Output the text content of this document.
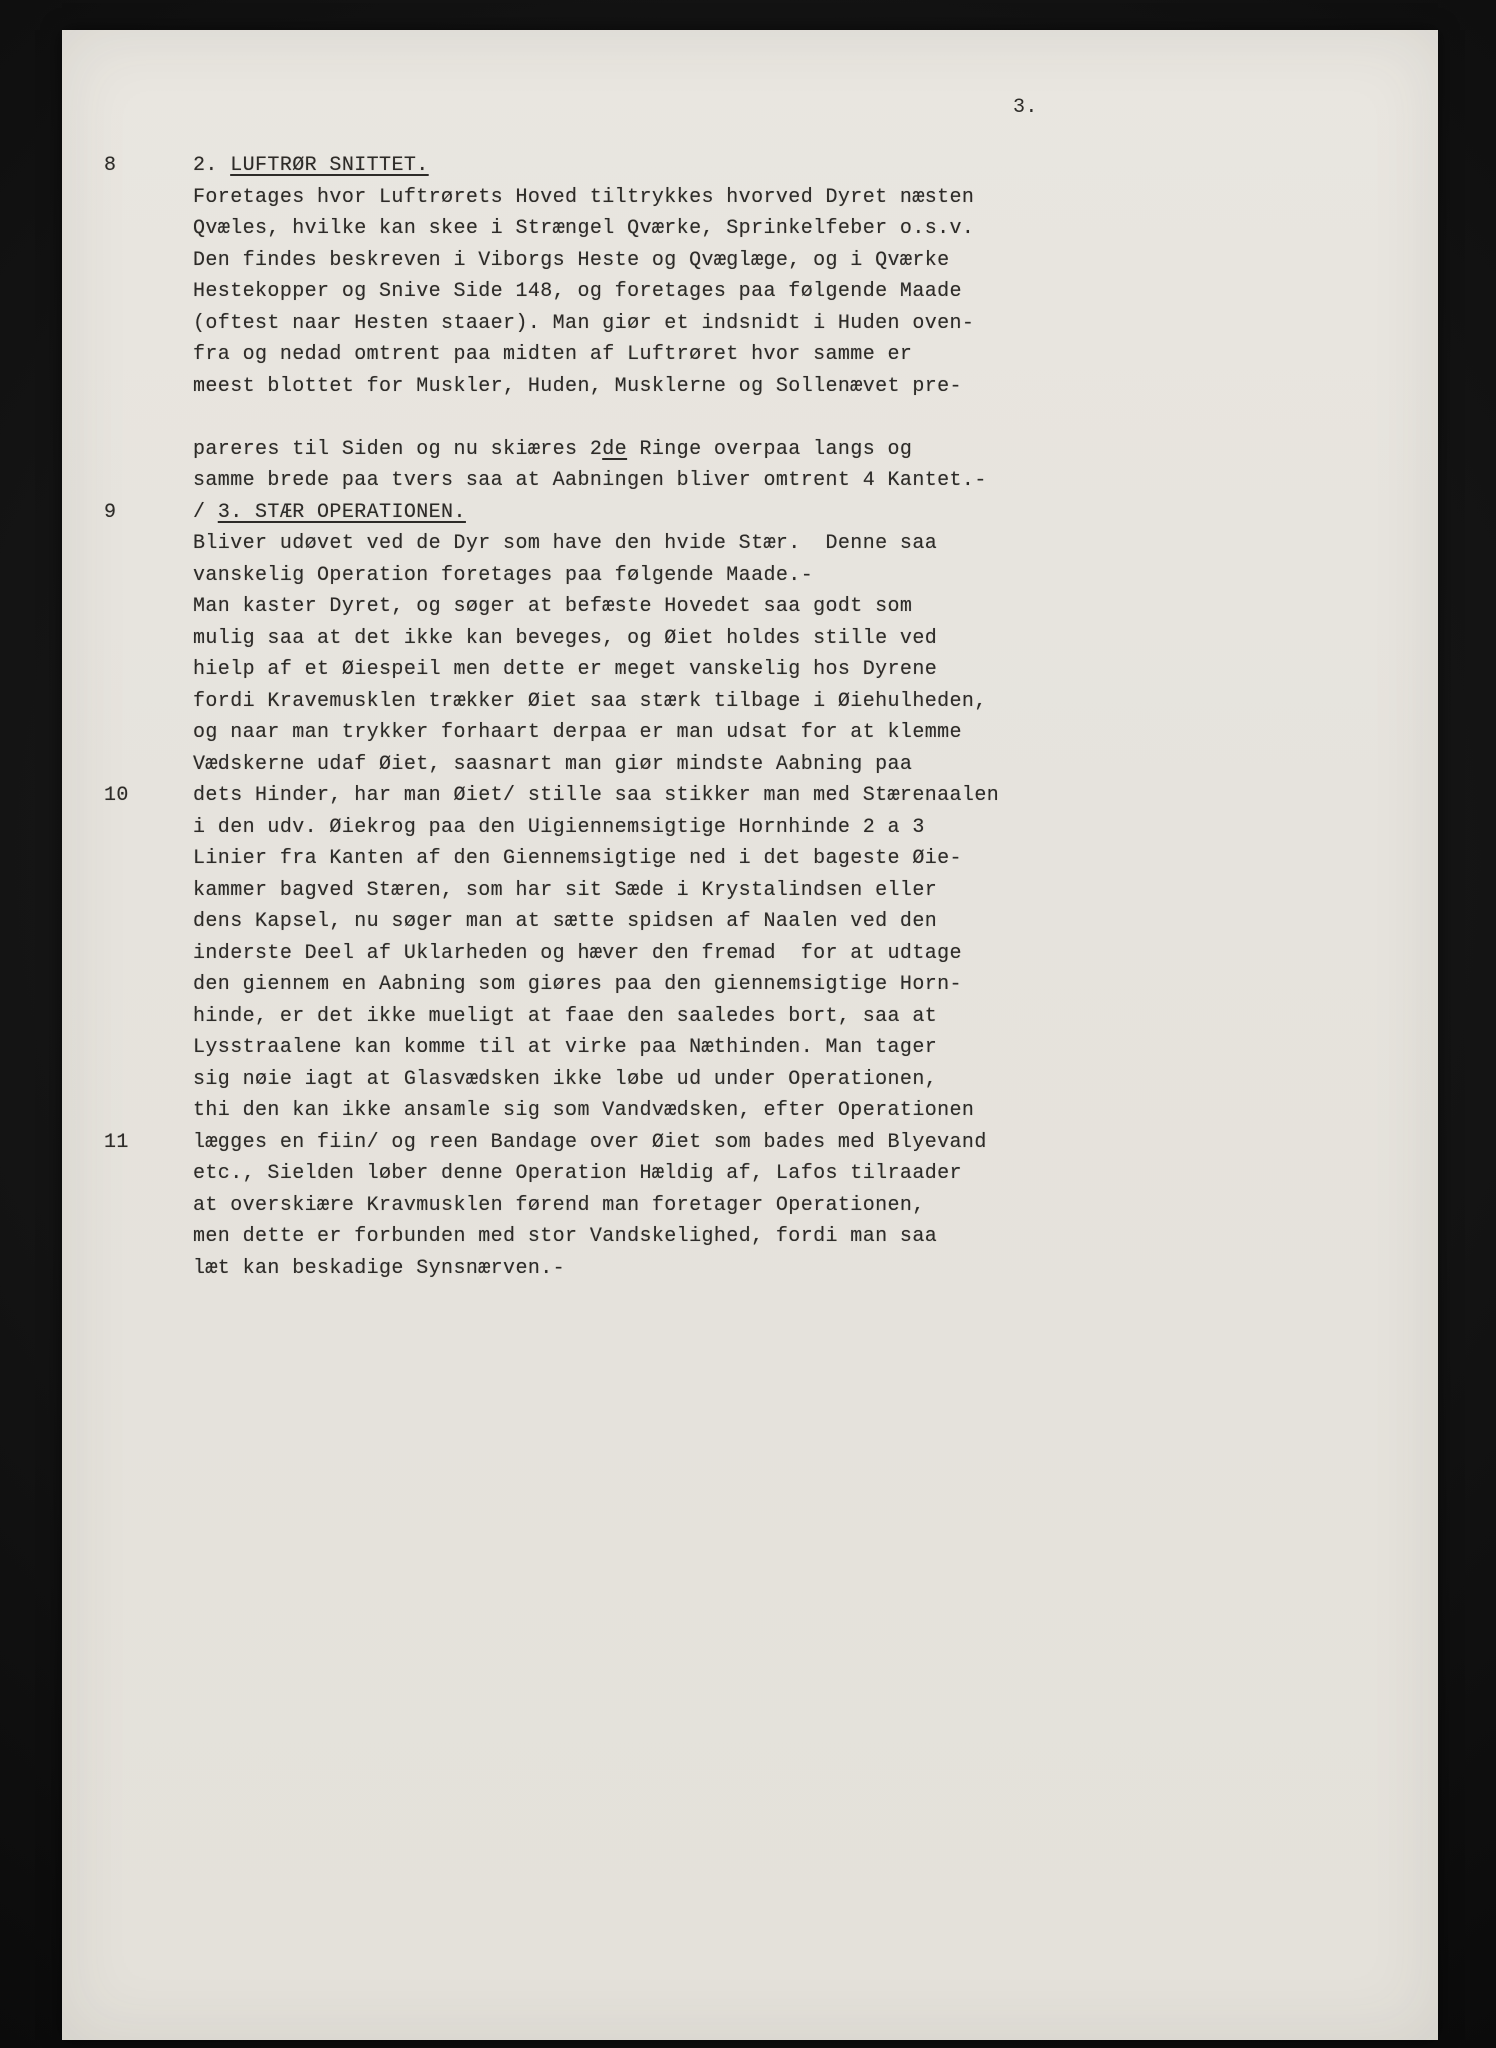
3.
8	2. LUFTRØR SNITTET.
Foretages hvor Luftrørets Hoved tiltrykkes hvorved Dyret næsten
Qvæles, hvilke kan skee i Strængel Qværke, Sprinkelfeber o.s.v.
Den findes beskreven i Viborgs Heste og Qvæglæge, og i Qværke
Hestekopper og Snive Side 148, og foretages paa følgende Maade
(oftest naar Hesten staaer). Man giør et indsnidt i Huden oven-
fra og nedad omtrent paa midten af Luftrøret hvor samme er
meest blottet for Muskler, Huden, Musklerne og Sollenævet pre-
pareres til Siden og nu skiæres 2de Ringe overpaa langs og
samme brede paa tvers saa at Aabningen bliver omtrent 4 Kantet.-
9	/ 3. STÆR OPERATIONEN.
Bliver udøvet ved de Dyr som have den hvide Stær.  Denne saa
vanskelig Operation foretages paa følgende Maade.-
Man kaster Dyret, og søger at befæste Hovedet saa godt som
mulig saa at det ikke kan beveges, og Øiet holdes stille ved
hielp af et Øiespeil men dette er meget vanskelig hos Dyrene
fordi Kravemusklen trækker Øiet saa stærk tilbage i Øiehulheden,
og naar man trykker forhaart derpaa er man udsat for at klemme
Vædskerne udaf Øiet, saasnart man giør mindste Aabning paa
10	dets Hinder, har man Øiet/ stille saa stikker man med Stærenaalen
i den udv. Øiekrog paa den Uigiennemsigtige Hornhinde 2 a 3
Linier fra Kanten af den Giennemsigtige ned i det bageste Øie-
kammer bagved Stæren, som har sit Sæde i Krystalindsen eller
dens Kapsel, nu søger man at sætte spidsen af Naalen ved den
inderste Deel af Uklarheden og hæver den fremad  for at udtage
den giennem en Aabning som giøres paa den giennemsigtige Horn-
hinde, er det ikke mueligt at faae den saaledes bort, saa at
Lysstraalene kan komme til at virke paa Næthinden. Man tager
sig nøie iagt at Glasvædsken ikke løbe ud under Operationen,
thi den kan ikke ansamle sig som Vandvædsken, efter Operationen
11	lægges en fiin/ og reen Bandage over Øiet som bades med Blyevand
etc., Sielden løber denne Operation Hældig af, Lafos tilraader
at overskiære Kravmusklen førend man foretager Operationen,
men dette er forbunden med stor Vandskelighed, fordi man saa
læt kan beskadige Synsnærven.-
